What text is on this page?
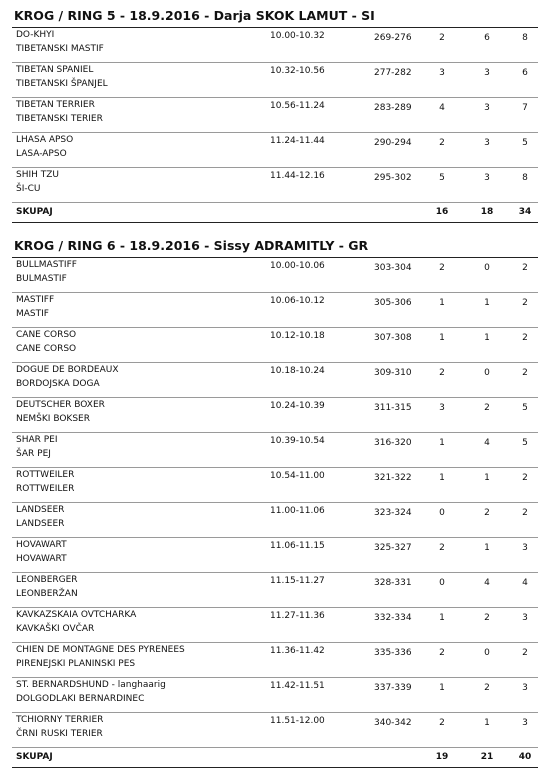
KROG / RING 5 - 18.9.2016 - Darja SKOK LAMUT - SI
DO-KHYI
TIBETANSKI MASTIF
10.00-10.32	269-276	2	6	8
TIBETAN SPANIEL
TIBETANSKI ŠPANJEL
10.32-10.56	277-282	3	3	6
TIBETAN TERRIER
TIBETANSKI TERIER
10.56-11.24	283-289	4	3	7
LHASA APSO
LASA-APSO
11.24-11.44	290-294	2	3	5
SHIH TZU
ŠI-CU
11.44-12.16	295-302	5	3	8
SKUPAJ	16	18	34
KROG / RING 6 - 18.9.2016 - Sissy ADRAMITLY - GR
BULLMASTIFF
BULMASTIF
10.00-10.06	303-304	2	0	2
MASTIFF
MASTIF
10.06-10.12	305-306	1	1	2
CANE CORSO
CANE CORSO
10.12-10.18	307-308	1	1	2
DOGUE DE BORDEAUX
BORDOJSKA DOGA
10.18-10.24	309-310	2	0	2
DEUTSCHER BOXER
NEMŠKI BOKSER
10.24-10.39	311-315	3	2	5
SHAR PEI
ŠAR PEJ
10.39-10.54	316-320	1	4	5
ROTTWEILER
ROTTWEILER
10.54-11.00	321-322	1	1	2
LANDSEER
LANDSEER
11.00-11.06	323-324	0	2	2
HOVAWART
HOVAWART
11.06-11.15	325-327	2	1	3
LEONBERGER
LEONBERŽAN
11.15-11.27	328-331	0	4	4
KAVKAZSKAIA OVTCHARKA
KAVKAŠKI OVČAR
11.27-11.36	332-334	1	2	3
CHIEN DE MONTAGNE DES PYRENEES
PIRENEJSKI PLANINSKI PES
11.36-11.42	335-336	2	0	2
ST. BERNARDSHUND - langhaarig
DOLGODLAKI BERNARDINEC
11.42-11.51	337-339	1	2	3
TCHIORNY TERRIER
ČRNI RUSKI TERIER
11.51-12.00	340-342	2	1	3
SKUPAJ	19	21	40
